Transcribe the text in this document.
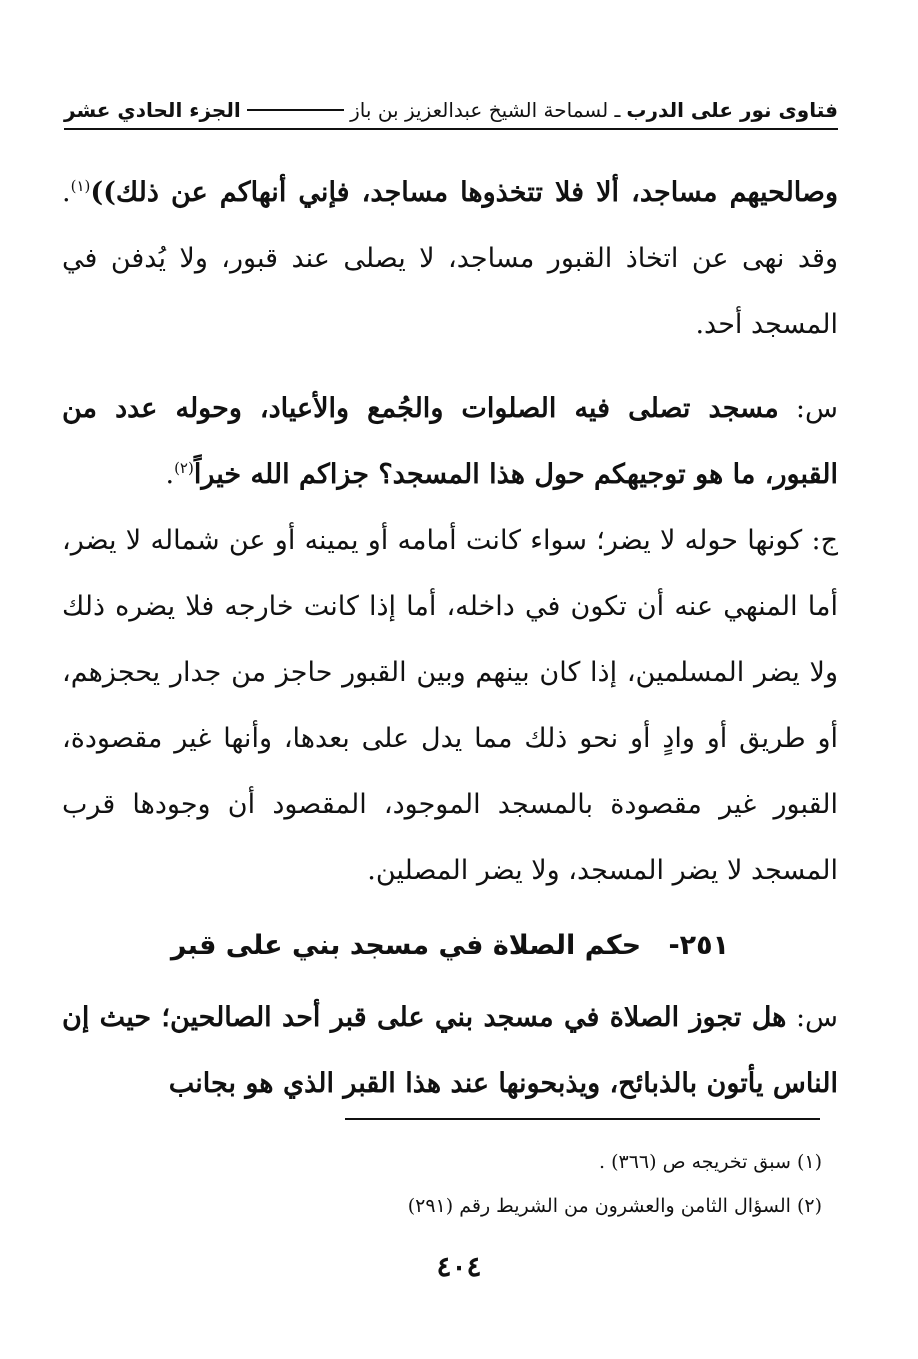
فتاوى نور على الدرب
ـ لسماحة الشيخ عبدالعزيز بن باز
الجزء الحادي عشر

وصالحيهم مساجد، ألا فلا تتخذوها مساجد، فإني أنهاكم عن ذلك))$^{(١)}$. وقد نهى عن اتخاذ القبور مساجد، لا يصلى عند قبور، ولا يُدفن في المسجد أحد.

س: مسجد تصلى فيه الصلوات والجُمع والأعياد، وحوله عدد من القبور، ما هو توجيهكم حول هذا المسجد؟ جزاكم الله خيراً$^{(٢)}$.

ج: كونها حوله لا يضر؛ سواء كانت أمامه أو يمينه أو عن شماله لا يضر، أما المنهي عنه أن تكون في داخله، أما إذا كانت خارجه فلا يضره ذلك ولا يضر المسلمين، إذا كان بينهم وبين القبور حاجز من جدار يحجزهم، أو طريق أو وادٍ أو نحو ذلك مما يدل على بعدها، وأنها غير مقصودة، القبور غير مقصودة بالمسجد الموجود، المقصود أن وجودها قرب المسجد لا يضر المسجد، ولا يضر المصلين.

٢٥١- حكم الصلاة في مسجد بني على قبر

س: هل تجوز الصلاة في مسجد بني على قبر أحد الصالحين؛ حيث إن الناس يأتون بالذبائح، ويذبحونها عند هذا القبر الذي هو بجانب

(١) سبق تخريجه ص (٣٦٦) .
(٢) السؤال الثامن والعشرون من الشريط رقم (٢٩١)
٤٠٤
